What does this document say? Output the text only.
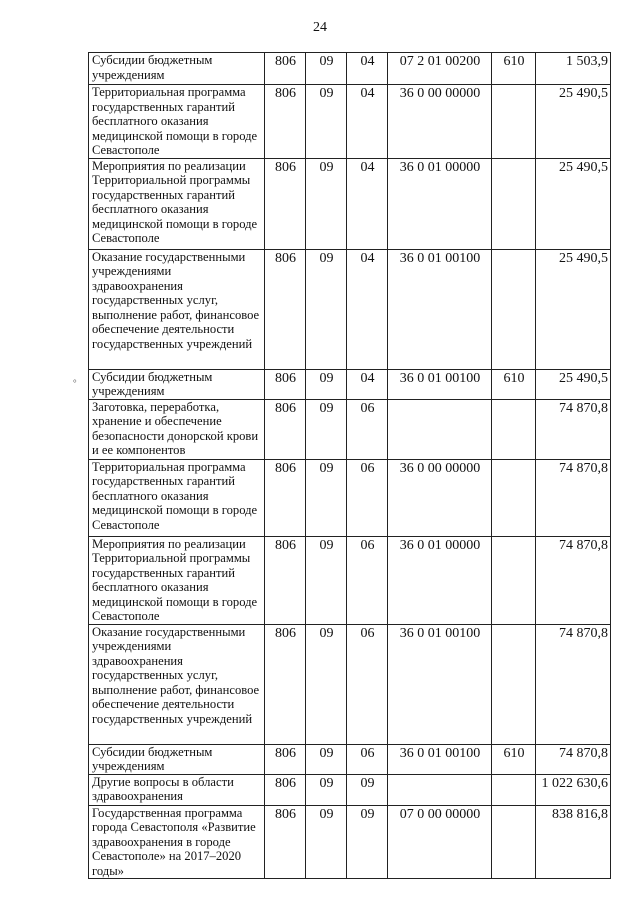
24
°
Субсидии бюджетным учреждениям	806	09	04	07 2 01 00200	610	1 503,9
Территориальная программа государственных гарантий бесплатного оказания медицинской помощи в городе Севастополе	806	09	04	36 0 00 00000		25 490,5
Мероприятия по реализации Территориальной программы государственных гарантий бесплатного оказания медицинской помощи в городе Севастополе	806	09	04	36 0 01 00000		25 490,5
Оказание государственными учреждениями здравоохранения государственных услуг, выполнение работ, финансовое обеспечение деятельности государственных учреждений	806	09	04	36 0 01 00100		25 490,5
Субсидии бюджетным учреждениям	806	09	04	36 0 01 00100	610	25 490,5
Заготовка, переработка, хранение и обеспечение безопасности донорской крови и ее компонентов	806	09	06			74 870,8
Территориальная программа государственных гарантий бесплатного оказания медицинской помощи в городе Севастополе	806	09	06	36 0 00 00000		74 870,8
Мероприятия по реализации Территориальной программы государственных гарантий бесплатного оказания медицинской помощи в городе Севастополе	806	09	06	36 0 01 00000		74 870,8
Оказание государственными учреждениями здравоохранения государственных услуг, выполнение работ, финансовое обеспечение деятельности государственных учреждений	806	09	06	36 0 01 00100		74 870,8
Субсидии бюджетным учреждениям	806	09	06	36 0 01 00100	610	74 870,8
Другие вопросы в области здравоохранения	806	09	09			1 022 630,6
Государственная программа города Севастополя «Развитие здравоохранения в городе Севастополе» на 2017–2020 годы»	806	09	09	07 0 00 00000		838 816,8
